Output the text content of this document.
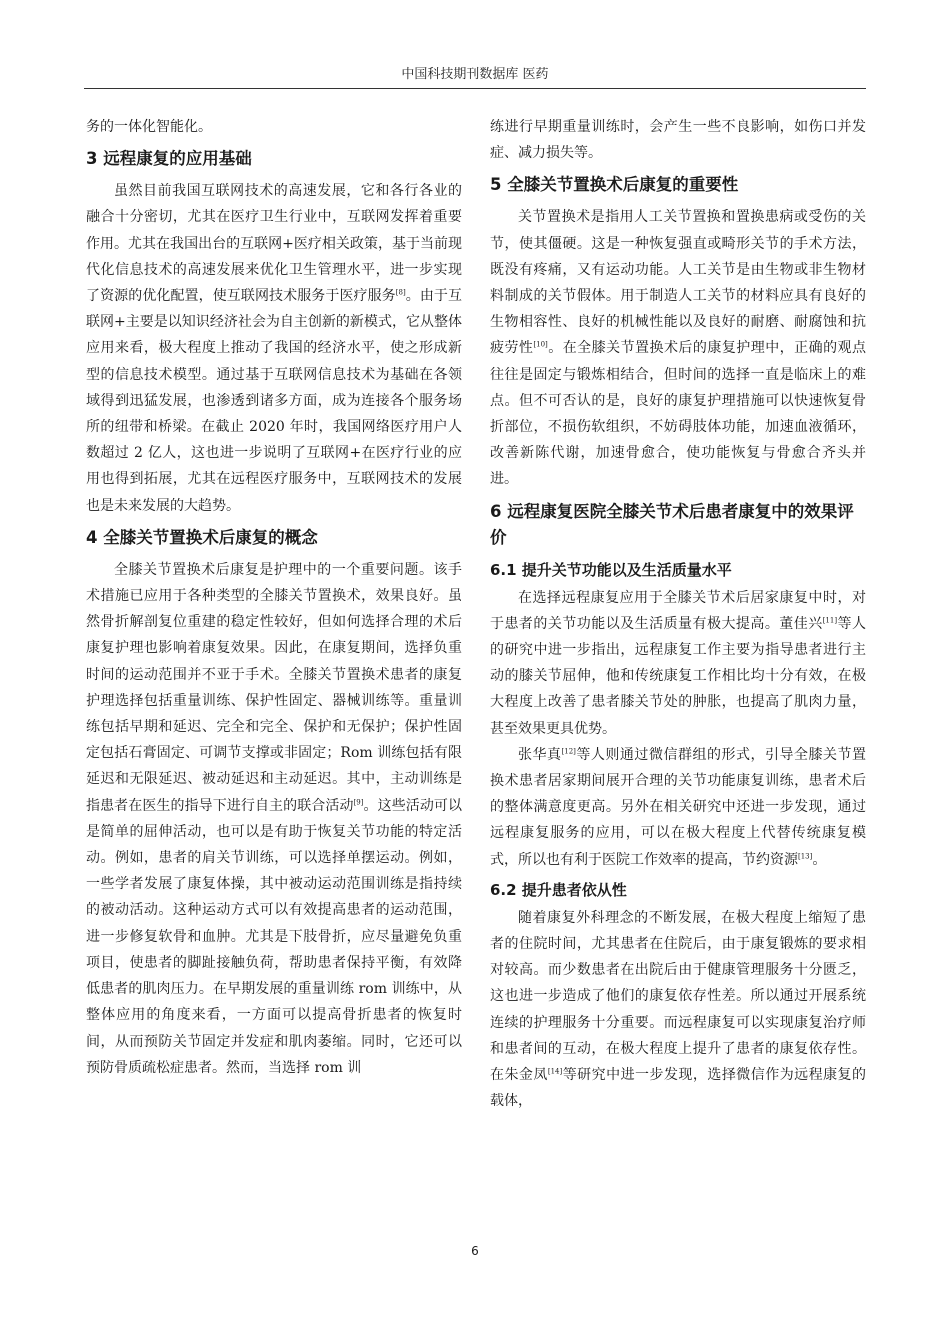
中国科技期刊数据库 医药

务的一体化智能化。

3 远程康复的应用基础

虽然目前我国互联网技术的高速发展，它和各行各业的融合十分密切，尤其在医疗卫生行业中，互联网发挥着重要作用。尤其在我国出台的互联网+医疗相关政策，基于当前现代化信息技术的高速发展来优化卫生管理水平，进一步实现了资源的优化配置，使互联网技术服务于医疗服务[8]。由于互联网+主要是以知识经济社会为自主创新的新模式，它从整体应用来看，极大程度上推动了我国的经济水平，使之形成新型的信息技术模型。通过基于互联网信息技术为基础在各领域得到迅猛发展，也渗透到诸多方面，成为连接各个服务场所的纽带和桥梁。在截止 2020 年时，我国网络医疗用户人数超过 2 亿人，这也进一步说明了互联网+在医疗行业的应用也得到拓展，尤其在远程医疗服务中，互联网技术的发展也是未来发展的大趋势。

4 全膝关节置换术后康复的概念

全膝关节置换术后康复是护理中的一个重要问题。该手术措施已应用于各种类型的全膝关节置换术，效果良好。虽然骨折解剖复位重建的稳定性较好，但如何选择合理的术后康复护理也影响着康复效果。因此，在康复期间，选择负重时间的运动范围并不亚于手术。全膝关节置换术患者的康复护理选择包括重量训练、保护性固定、器械训练等。重量训练包括早期和延迟、完全和完全、保护和无保护；保护性固定包括石膏固定、可调节支撑或非固定；Rom 训练包括有限延迟和无限延迟、被动延迟和主动延迟。其中，主动训练是指患者在医生的指导下进行自主的联合活动[9]。这些活动可以是简单的屈伸活动，也可以是有助于恢复关节功能的特定活动。例如，患者的肩关节训练，可以选择单摆运动。例如，一些学者发展了康复体操，其中被动运动范围训练是指持续的被动活动。这种运动方式可以有效提高患者的运动范围，进一步修复软骨和血肿。尤其是下肢骨折，应尽量避免负重项目，使患者的脚趾接触负荷，帮助患者保持平衡，有效降低患者的肌肉压力。在早期发展的重量训练 rom 训练中，从整体应用的角度来看，一方面可以提高骨折患者的恢复时间，从而预防关节固定并发症和肌肉萎缩。同时，它还可以预防骨质疏松症患者。然而，当选择 rom 训

练进行早期重量训练时，会产生一些不良影响，如伤口并发症、减力损失等。

5 全膝关节置换术后康复的重要性

关节置换术是指用人工关节置换和置换患病或受伤的关节，使其僵硬。这是一种恢复强直或畸形关节的手术方法，既没有疼痛，又有运动功能。人工关节是由生物或非生物材料制成的关节假体。用于制造人工关节的材料应具有良好的生物相容性、良好的机械性能以及良好的耐磨、耐腐蚀和抗疲劳性[10]。在全膝关节置换术后的康复护理中，正确的观点往往是固定与锻炼相结合，但时间的选择一直是临床上的难点。但不可否认的是，良好的康复护理措施可以快速恢复骨折部位，不损伤软组织，不妨碍肢体功能，加速血液循环，改善新陈代谢，加速骨愈合，使功能恢复与骨愈合齐头并进。

6 远程康复医院全膝关节术后患者康复中的效果评价
6.1 提升关节功能以及生活质量水平

在选择远程康复应用于全膝关节术后居家康复中时，对于患者的关节功能以及生活质量有极大提高。董佳兴[11]等人的研究中进一步指出，远程康复工作主要为指导患者进行主动的膝关节屈伸，他和传统康复工作相比均十分有效，在极大程度上改善了患者膝关节处的肿胀，也提高了肌肉力量，甚至效果更具优势。

张华真[12]等人则通过微信群组的形式，引导全膝关节置换术患者居家期间展开合理的关节功能康复训练，患者术后的整体满意度更高。另外在相关研究中还进一步发现，通过远程康复服务的应用，可以在极大程度上代替传统康复模式，所以也有利于医院工作效率的提高，节约资源[13]。

6.2 提升患者依从性

随着康复外科理念的不断发展，在极大程度上缩短了患者的住院时间，尤其患者在住院后，由于康复锻炼的要求相对较高。而少数患者在出院后由于健康管理服务十分匮乏，这也进一步造成了他们的康复依存性差。所以通过开展系统连续的护理服务十分重要。而远程康复可以实现康复治疗师和患者间的互动，在极大程度上提升了患者的康复依存性。在朱金凤[14]等研究中进一步发现，选择微信作为远程康复的载体，

6
